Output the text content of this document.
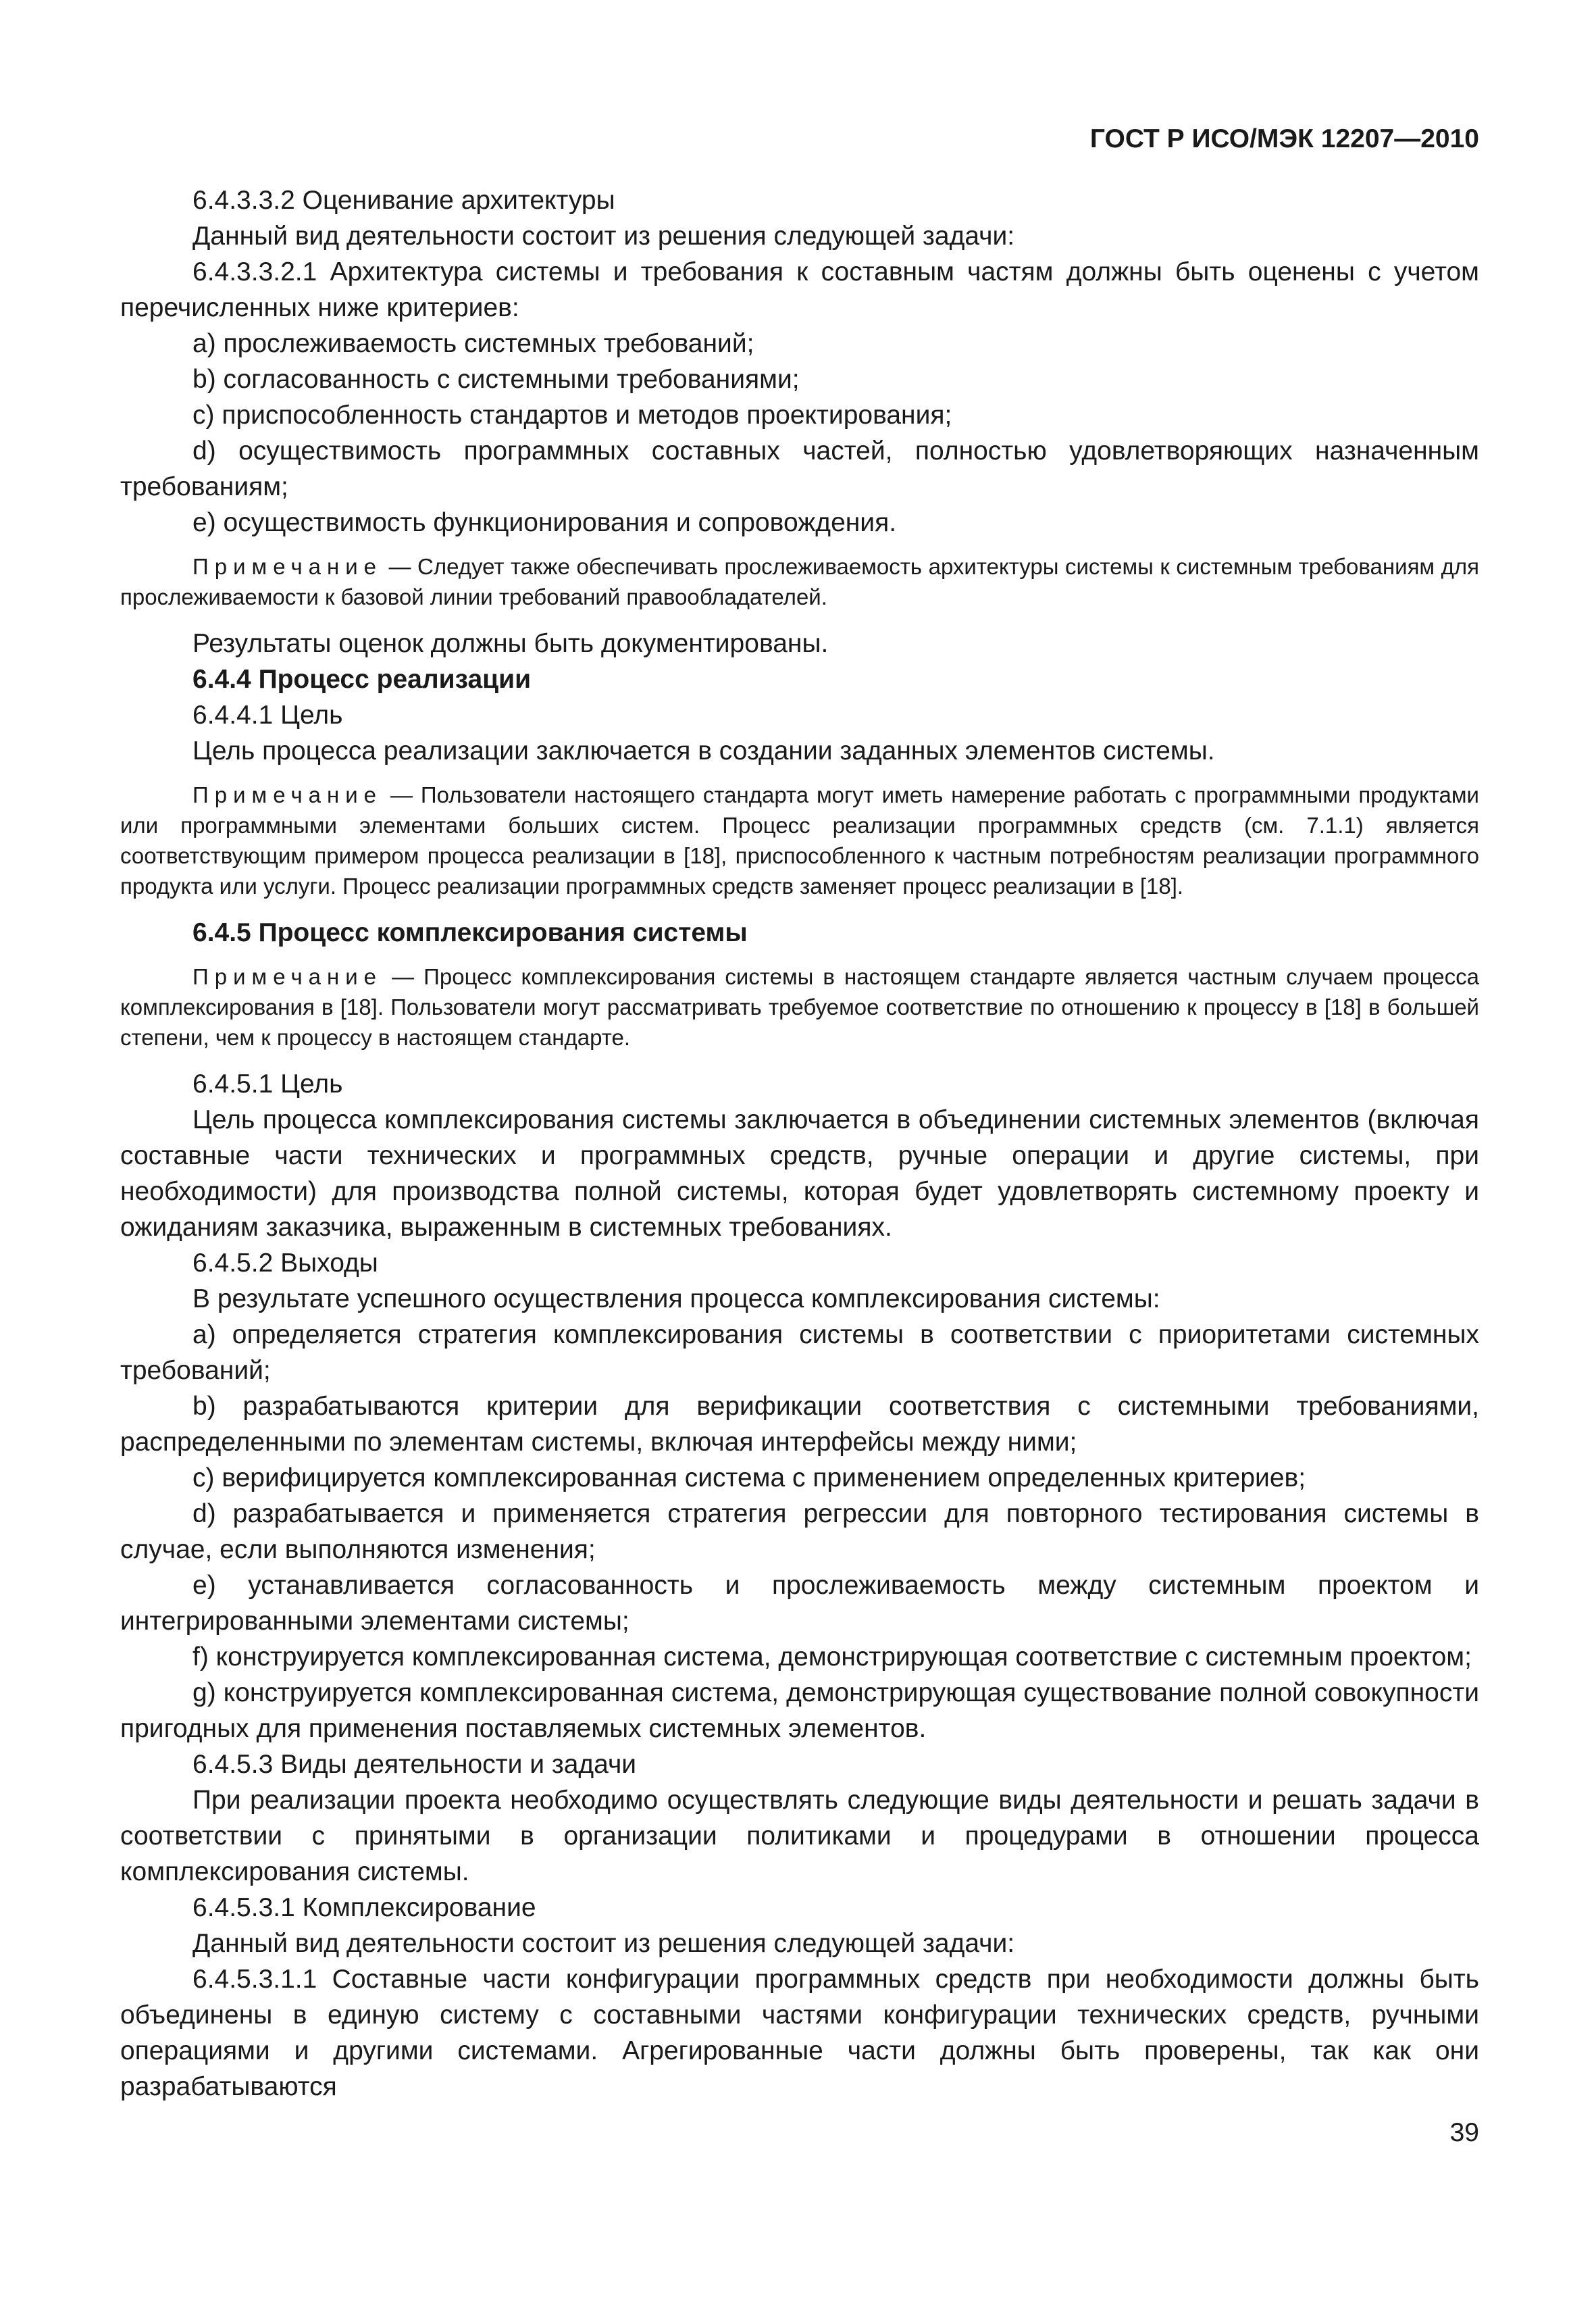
ГОСТ Р ИСО/МЭК 12207—2010

6.4.3.3.2 Оценивание архитектуры

Данный вид деятельности состоит из решения следующей задачи:

6.4.3.3.2.1 Архитектура системы и требования к составным частям должны быть оценены с учетом перечисленных ниже критериев:

a) прослеживаемость системных требований;

b) согласованность с системными требованиями;

c) приспособленность стандартов и методов проектирования;

d) осуществимость программных составных частей, полностью удовлетворяющих назначенным требованиям;

e) осуществимость функционирования и сопровождения.

Примечание — Следует также обеспечивать прослеживаемость архитектуры системы к системным требованиям для прослеживаемости к базовой линии требований правообладателей.

Результаты оценок должны быть документированы.

6.4.4 Процесс реализации

6.4.4.1 Цель

Цель процесса реализации заключается в создании заданных элементов системы.

Примечание — Пользователи настоящего стандарта могут иметь намерение работать с программными продуктами или программными элементами больших систем. Процесс реализации программных средств (см. 7.1.1) является соответствующим примером процесса реализации в [18], приспособленного к частным потребностям реализации программного продукта или услуги. Процесс реализации программных средств заменяет процесс реализации в [18].

6.4.5 Процесс комплексирования системы

Примечание — Процесс комплексирования системы в настоящем стандарте является частным случаем процесса комплексирования в [18]. Пользователи могут рассматривать требуемое соответствие по отношению к процессу в [18] в большей степени, чем к процессу в настоящем стандарте.

6.4.5.1 Цель

Цель процесса комплексирования системы заключается в объединении системных элементов (включая составные части технических и программных средств, ручные операции и другие системы, при необходимости) для производства полной системы, которая будет удовлетворять системному проекту и ожиданиям заказчика, выраженным в системных требованиях.

6.4.5.2 Выходы

В результате успешного осуществления процесса комплексирования системы:

a) определяется стратегия комплексирования системы в соответствии с приоритетами системных требований;

b) разрабатываются критерии для верификации соответствия с системными требованиями, распределенными по элементам системы, включая интерфейсы между ними;

c) верифицируется комплексированная система с применением определенных критериев;

d) разрабатывается и применяется стратегия регрессии для повторного тестирования системы в случае, если выполняются изменения;

e) устанавливается согласованность и прослеживаемость между системным проектом и интегрированными элементами системы;

f) конструируется комплексированная система, демонстрирующая соответствие с системным проектом;

g) конструируется комплексированная система, демонстрирующая существование полной совокупности пригодных для применения поставляемых системных элементов.

6.4.5.3 Виды деятельности и задачи

При реализации проекта необходимо осуществлять следующие виды деятельности и решать задачи в соответствии с принятыми в организации политиками и процедурами в отношении процесса комплексирования системы.

6.4.5.3.1 Комплексирование

Данный вид деятельности состоит из решения следующей задачи:

6.4.5.3.1.1 Составные части конфигурации программных средств при необходимости должны быть объединены в единую систему с составными частями конфигурации технических средств, ручными операциями и другими системами. Агрегированные части должны быть проверены, так как они разрабатываются

39
